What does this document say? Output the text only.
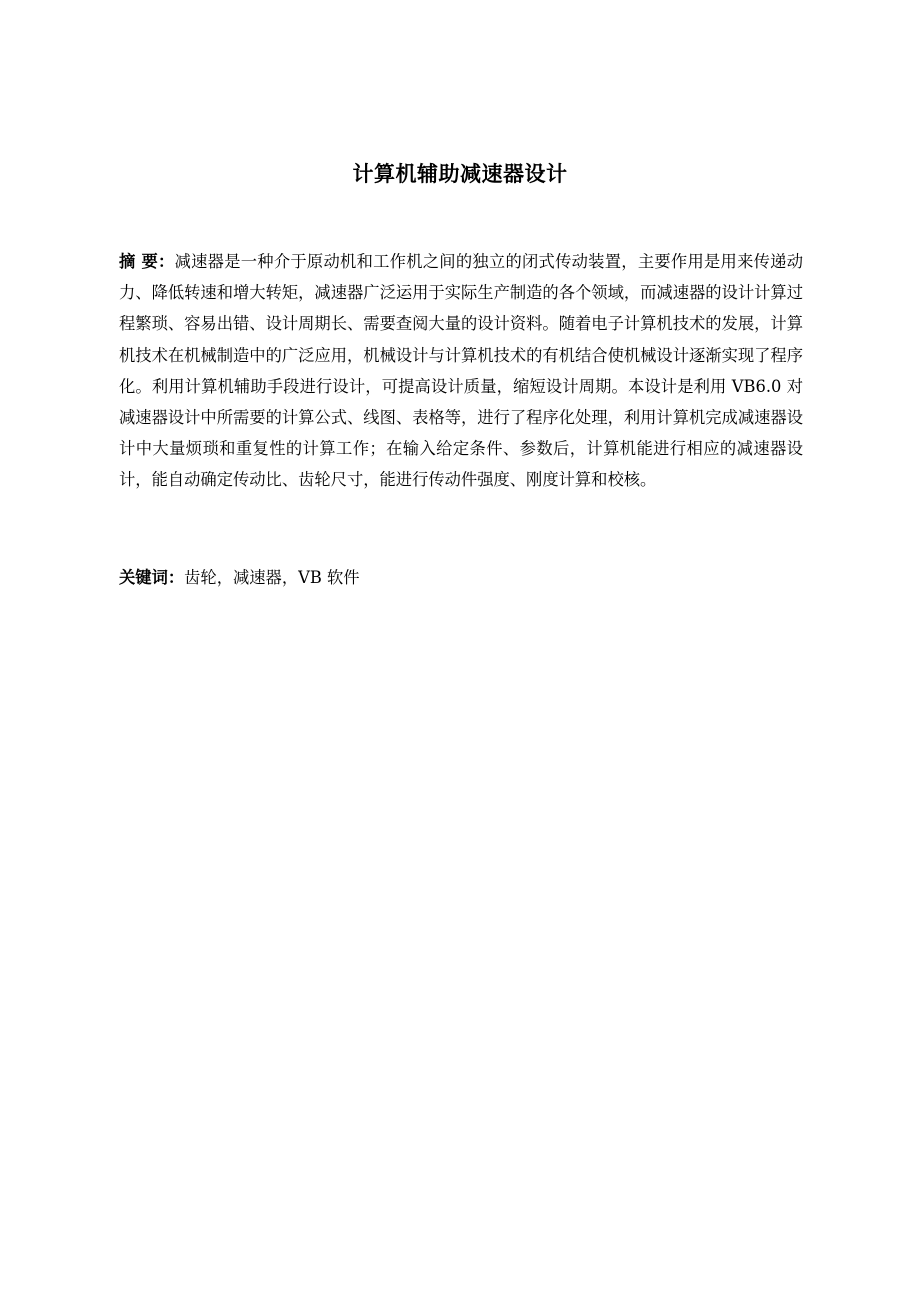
计算机辅助减速器设计
摘 要：减速器是一种介于原动机和工作机之间的独立的闭式传动装置，主要作用是用来传递动力、降低转速和增大转矩，减速器广泛运用于实际生产制造的各个领域，而减速器的设计计算过程繁琐、容易出错、设计周期长、需要查阅大量的设计资料。随着电子计算机技术的发展，计算机技术在机械制造中的广泛应用，机械设计与计算机技术的有机结合使机械设计逐渐实现了程序化。利用计算机辅助手段进行设计，可提高设计质量，缩短设计周期。本设计是利用 VB6.0 对减速器设计中所需要的计算公式、线图、表格等，进行了程序化处理，利用计算机完成减速器设计中大量烦琐和重复性的计算工作；在输入给定条件、参数后，计算机能进行相应的减速器设计，能自动确定传动比、齿轮尺寸，能进行传动件强度、刚度计算和校核。
关键词：齿轮，减速器，VB 软件
